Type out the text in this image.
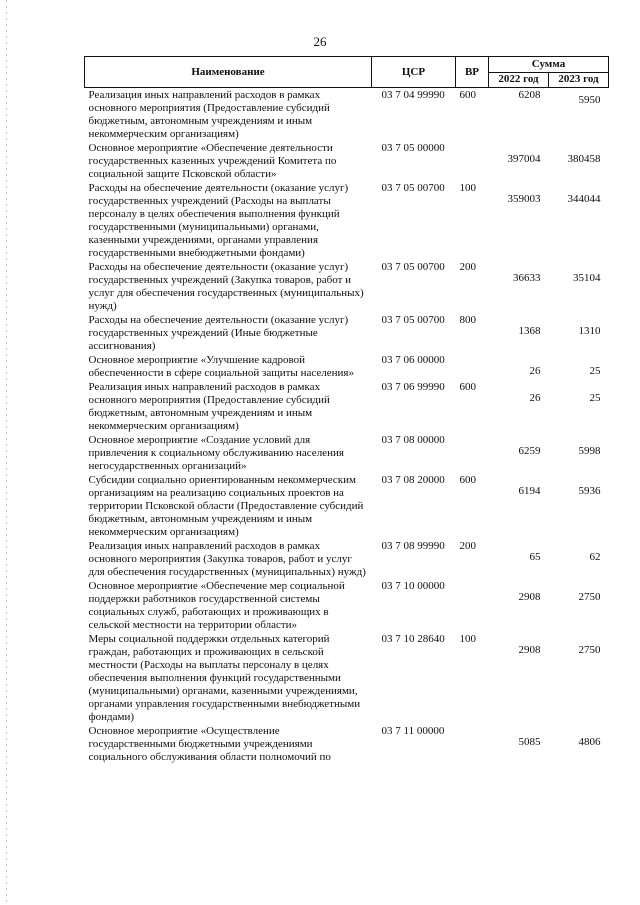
26
Наименование	ЦСР	ВР	Сумма	
			2022 год	2023 год
Реализация иных направлений расходов в рамках основного мероприятия (Предоставление субсидий бюджетным, автономным учреждениям и иным некоммерческим организациям)	03 7 04 99990	600	6208	5950
Основное мероприятие «Обеспечение деятельности государственных казенных учреждений Комитета по социальной защите Псковской области»	03 7 05 00000		397004	380458
Расходы на обеспечение деятельности (оказание услуг) государственных учреждений (Расходы на выплаты персоналу в целях обеспечения выполнения функций государственными (муниципальными) органами, казенными учреждениями, органами управления государственными внебюджетными фондами)	03 7 05 00700	100	359003	344044
Расходы на обеспечение деятельности (оказание услуг) государственных учреждений (Закупка товаров, работ и услуг для обеспечения государственных (муниципальных) нужд)	03 7 05 00700	200	36633	35104
Расходы на обеспечение деятельности (оказание услуг) государственных учреждений (Иные бюджетные ассигнования)	03 7 05 00700	800	1368	1310
Основное мероприятие «Улучшение кадровой обеспеченности в сфере социальной защиты населения»	03 7 06 00000		26	25
Реализация иных направлений расходов в рамках основного мероприятия (Предоставление субсидий бюджетным, автономным учреждениям и иным некоммерческим организациям)	03 7 06 99990	600	26	25
Основное мероприятие «Создание условий для привлечения к социальному обслуживанию населения негосударственных организаций»	03 7 08 00000		6259	5998
Субсидии социально ориентированным некоммерческим организациям на реализацию социальных проектов на территории Псковской области (Предоставление субсидий бюджетным, автономным учреждениям и иным некоммерческим организациям)	03 7 08 20000	600	6194	5936
Реализация иных направлений расходов в рамках основного мероприятия (Закупка товаров, работ и услуг для обеспечения государственных (муниципальных) нужд)	03 7 08 99990	200	65	62
Основное мероприятие «Обеспечение мер социальной поддержки работников государственной системы социальных служб, работающих и проживающих в сельской местности на территории области»	03 7 10 00000		2908	2750
Меры социальной поддержки отдельных категорий граждан, работающих и проживающих в сельской местности (Расходы на выплаты персоналу в целях обеспечения выполнения функций государственными (муниципальными) органами, казенными учреждениями, органами управления государственными внебюджетными фондами)	03 7 10 28640	100	2908	2750
Основное мероприятие «Осуществление государственными бюджетными учреждениями социального обслуживания области полномочий по	03 7 11 00000		5085	4806
